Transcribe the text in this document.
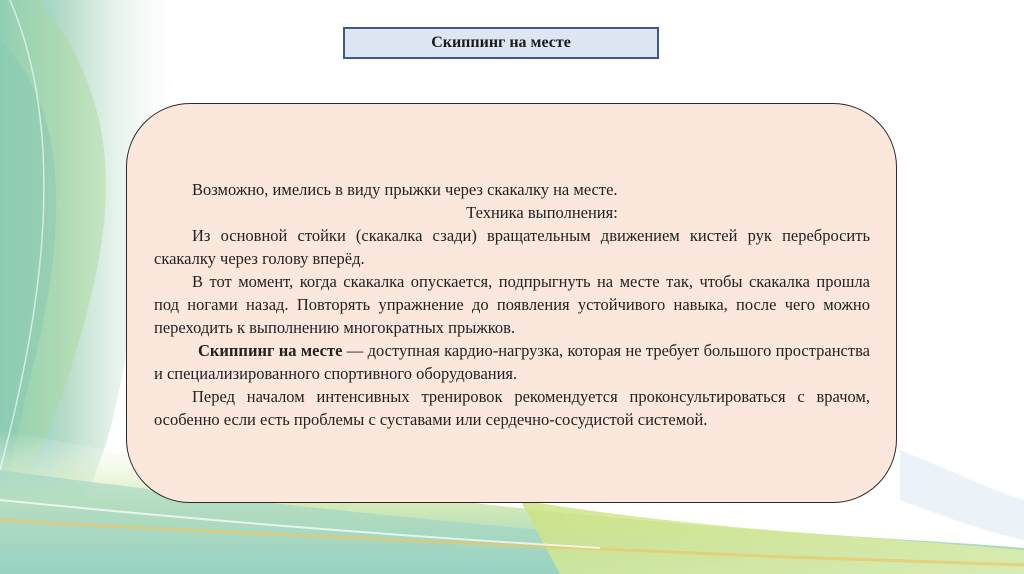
Скиппинг на месте

Возможно, имелись в виду прыжки через скакалку на месте.

Техника выполнения:

Из основной стойки (скакалка сзади) вращательным движением кистей рук перебросить скакалку через голову вперёд.

В тот момент, когда скакалка опускается, подпрыгнуть на месте так, чтобы скакалка прошла под ногами назад. Повторять упражнение до появления устойчивого навыка, после чего можно переходить к выполнению многократных прыжков.

Скиппинг на месте — доступная кардио-нагрузка, которая не требует большого пространства и специализированного спортивного оборудования.

Перед началом интенсивных тренировок рекомендуется проконсультироваться с врачом, особенно если есть проблемы с суставами или сердечно-сосудистой системой.
